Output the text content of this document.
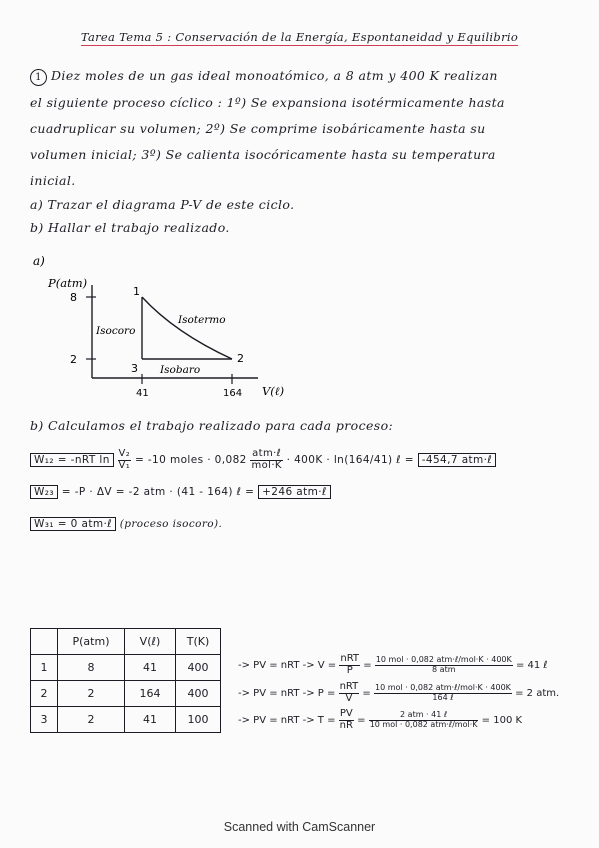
Tarea Tema 5 : Conservación de la Energía, Espontaneidad y Equilibrio
1 Diez moles de un gas ideal monoatómico, a 8 atm y 400 K realizan
el siguiente proceso cíclico : 1º) Se expansiona isotérmicamente hasta
cuadruplicar su volumen; 2º) Se comprime isobáricamente hasta su
volumen inicial; 3º) Se calienta isocóricamente hasta su temperatura
inicial.
a) Trazar el diagrama P-V de este ciclo.
b) Hallar el trabajo realizado.
a)
P(atm)
8
2
41	164 V(ℓ)
1
2
3
Isotermo
Isocoro
Isobaro
b) Calculamos el trabajo realizado para cada proceso:
W₁₂ = -nRT $\ln \frac{\text{V₂}}{\text{V₁}} = -10$ moles · $0,082 \frac{\text{atm·ℓ}}{\text{mol·K}} \cdot 400K \cdot \ln(164/41)$ ℓ = -454,7 atm·ℓ
W₂₃ = -P · ΔV = -2 atm · (41 - 164) ℓ = +246 atm·ℓ
W₃₁ = 0 atm·ℓ (proceso isocoro).
	P(atm)	V(ℓ)	T(K)
1	8	41	400
2	2	164	400
3	2	41	100
-> PV = nRT -> $V = \frac{\text{nRT}}{P} = \frac{\text{10 mol · 0,082 atm·ℓ/mol·K · 400K}}{\text{8 atm}} = 41$ ℓ
-> PV = nRT -> $P = \frac{\text{nRT}}{V} = \frac{\text{10 mol · 0,082 atm·ℓ/mol·K · 400K}}{\text{164 ℓ}} = 2$ atm.
-> PV = nRT -> $T = \frac{PV}{nR} = \frac{\text{2 atm · 41 ℓ}}{\text{10 mol · 0,082 atm·ℓ/mol·K}} = 100$ K
Scanned with CamScanner
